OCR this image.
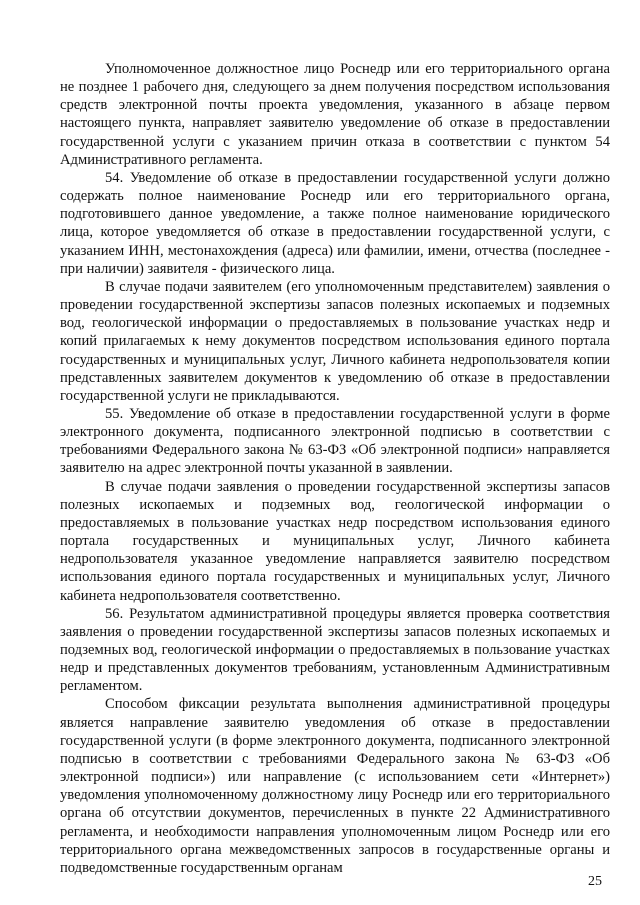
Уполномоченное должностное лицо Роснедр или его территориального органа не позднее 1 рабочего дня, следующего за днем получения посредством использования средств электронной почты проекта уведомления, указанного в абзаце первом настоящего пункта, направляет заявителю уведомление об отказе в предоставлении государственной услуги с указанием причин отказа в соответствии с пунктом 54 Административного регламента.

54. Уведомление об отказе в предоставлении государственной услуги должно содержать полное наименование Роснедр или его территориального органа, подготовившего данное уведомление, а также полное наименование юридического лица, которое уведомляется об отказе в предоставлении государственной услуги, с указанием ИНН, местонахождения (адреса) или фамилии, имени, отчества (последнее - при наличии) заявителя - физического лица.

В случае подачи заявителем (его уполномоченным представителем) заявления о проведении государственной экспертизы запасов полезных ископаемых и подземных вод, геологической информации о предоставляемых в пользование участках недр и копий прилагаемых к нему документов посредством использования единого портала государственных и муниципальных услуг, Личного кабинета недропользователя копии представленных заявителем документов к уведомлению об отказе в предоставлении государственной услуги не прикладываются.

55. Уведомление об отказе в предоставлении государственной услуги в форме электронного документа, подписанного электронной подписью в соответствии с требованиями Федерального закона № 63-ФЗ «Об электронной подписи» направляется заявителю на адрес электронной почты указанной в заявлении.

В случае подачи заявления о проведении государственной экспертизы запасов полезных ископаемых и подземных вод, геологической информации о предоставляемых в пользование участках недр посредством использования единого портала государственных и муниципальных услуг, Личного кабинета недропользователя указанное уведомление направляется заявителю посредством использования единого портала государственных и муниципальных услуг, Личного кабинета недропользователя соответственно.

56. Результатом административной процедуры является проверка соответствия заявления о проведении государственной экспертизы запасов полезных ископаемых и подземных вод, геологической информации о предоставляемых в пользование участках недр и представленных документов требованиям, установленным Административным регламентом.

Способом фиксации результата выполнения административной процедуры является направление заявителю уведомления об отказе в предоставлении государственной услуги (в форме электронного документа, подписанного электронной подписью в соответствии с требованиями Федерального закона № 63-ФЗ «Об электронной подписи») или направление (с использованием сети «Интернет») уведомления уполномоченному должностному лицу Роснедр или его территориального органа об отсутствии документов, перечисленных в пункте 22 Административного регламента, и необходимости направления уполномоченным лицом Роснедр или его территориального органа межведомственных запросов в государственные органы и подведомственные государственным органам

25
